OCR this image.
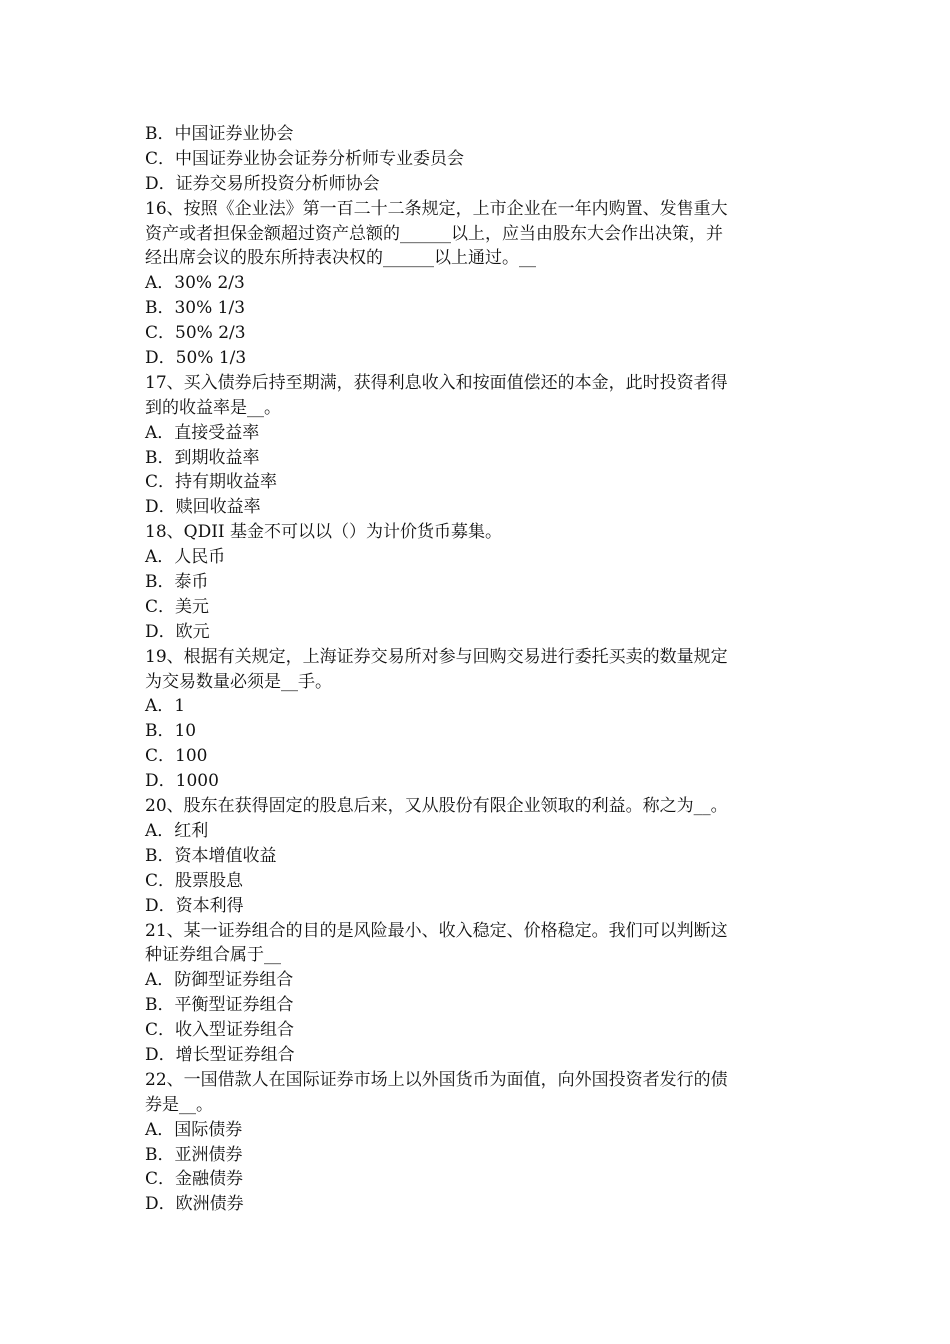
B．中国证券业协会
C．中国证券业协会证券分析师专业委员会
D．证券交易所投资分析师协会
16、按照《企业法》第一百二十二条规定，上市企业在一年内购置、发售重大
资产或者担保金额超过资产总额的______以上，应当由股东大会作出决策，并
经出席会议的股东所持表决权的______以上通过。__
A．30% 2/3
B．30% 1/3
C．50% 2/3
D．50% 1/3
17、买入债券后持至期满，获得利息收入和按面值偿还的本金，此时投资者得
到的收益率是__。
A．直接受益率
B．到期收益率
C．持有期收益率
D．赎回收益率
18、QDII 基金不可以以（）为计价货币募集。
A．人民币
B．泰币
C．美元
D．欧元
19、根据有关规定，上海证券交易所对参与回购交易进行委托买卖的数量规定
为交易数量必须是__手。
A．1
B．10
C．100
D．1000
20、股东在获得固定的股息后来，又从股份有限企业领取的利益。称之为__。
A．红利
B．资本增值收益
C．股票股息
D．资本利得
21、某一证券组合的目的是风险最小、收入稳定、价格稳定。我们可以判断这
种证券组合属于__
A．防御型证券组合
B．平衡型证券组合
C．收入型证券组合
D．增长型证券组合
22、一国借款人在国际证券市场上以外国货币为面值，向外国投资者发行的债
券是__。
A．国际债券
B．亚洲债券
C．金融债券
D．欧洲债券
